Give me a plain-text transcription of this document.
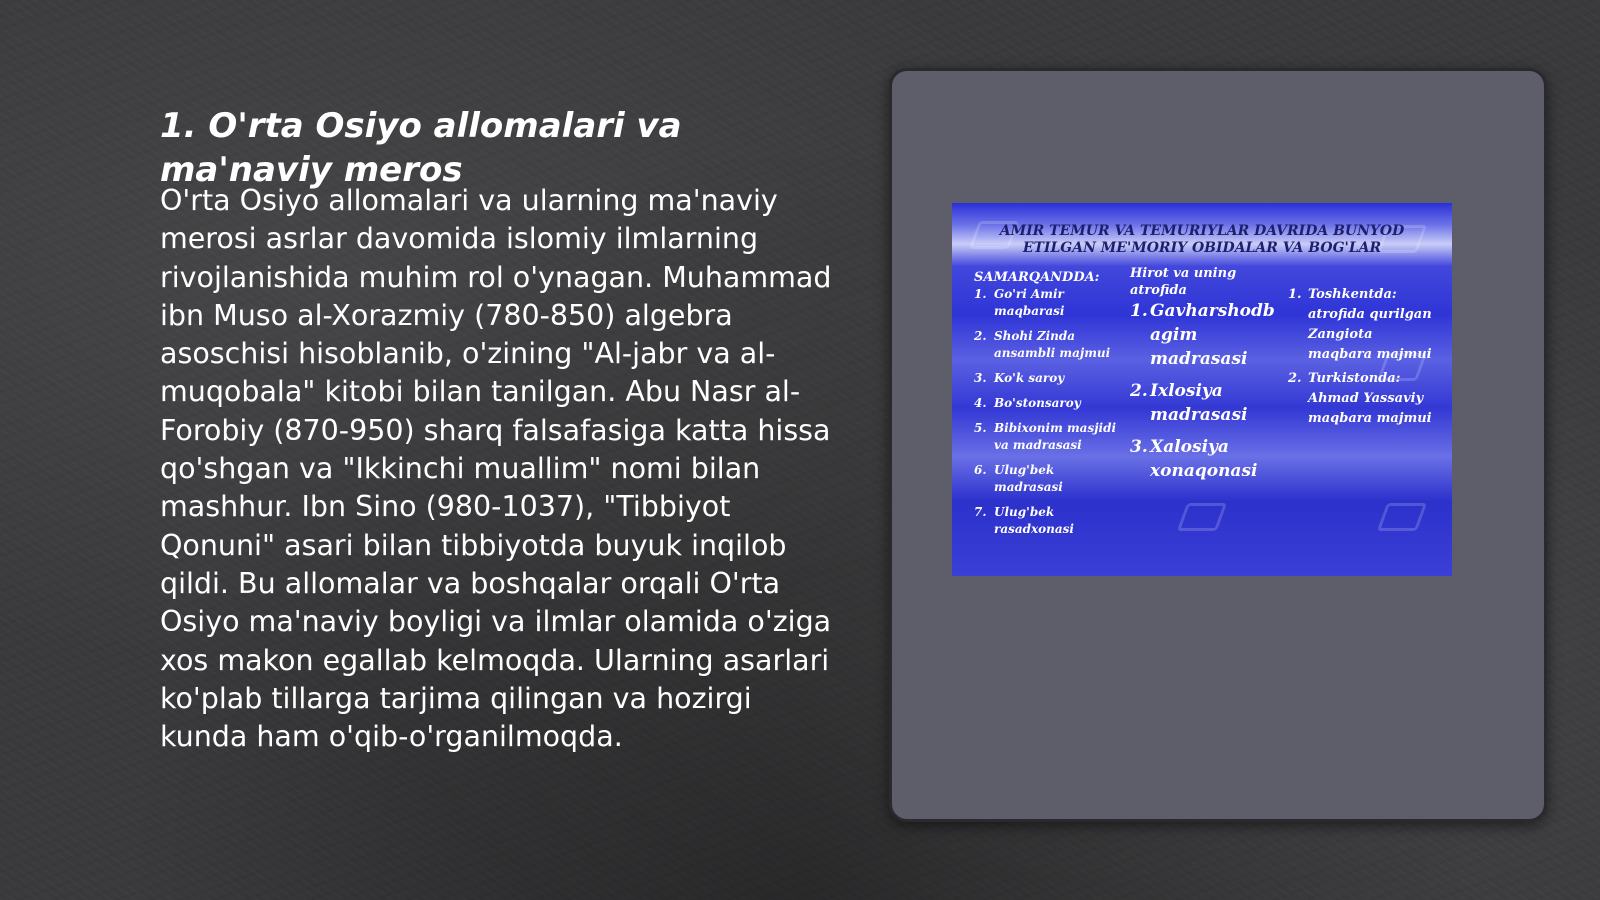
1. O'rta Osiyo allomalari va ma'naviy meros

O'rta Osiyo allomalari va ularning ma'naviy merosi asrlar davomida islomiy ilmlarning rivojlanishida muhim rol o'ynagan. Muhammad ibn Muso al-Xorazmiy (780-850) algebra asoschisi hisoblanib, o'zining "Al-jabr va al-muqobala" kitobi bilan tanilgan. Abu Nasr al-Forobiy (870-950) sharq falsafasiga katta hissa qo'shgan va "Ikkinchi muallim" nomi bilan mashhur. Ibn Sino (980-1037), "Tibbiyot Qonuni" asari bilan tibbiyotda buyuk inqilob qildi. Bu allomalar va boshqalar orqali O'rta Osiyo ma'naviy boyligi va ilmlar olamida o'ziga xos makon egallab kelmoqda. Ularning asarlari ko'plab tillarga tarjima qilingan va hozirgi kunda ham o'qib-o'rganilmoqda.

AMIR TEMUR VA TEMURIYLAR DAVRIDA BUNYOD ETILGAN ME'MORIY OBIDALAR VA BOG'LAR

SAMARQANDDA:

1. Go'ri Amir maqbarasi
2. Shohi Zinda ansambli majmui
3. Ko'k saroy
4. Bo'stonsaroy
5. Bibixonim masjidi va madrasasi
6. Ulug'bek madrasasi
7. Ulug'bek rasadxonasi

Hirot va uning atrofida

1. Gavharshodb agim madrasasi
2. Ixlosiya madrasasi
3. Xalosiya xonaqonasi
1. Toshkentda: atrofida qurilgan Zangiota maqbara majmui
2. Turkistonda: Ahmad Yassaviy maqbara majmui
